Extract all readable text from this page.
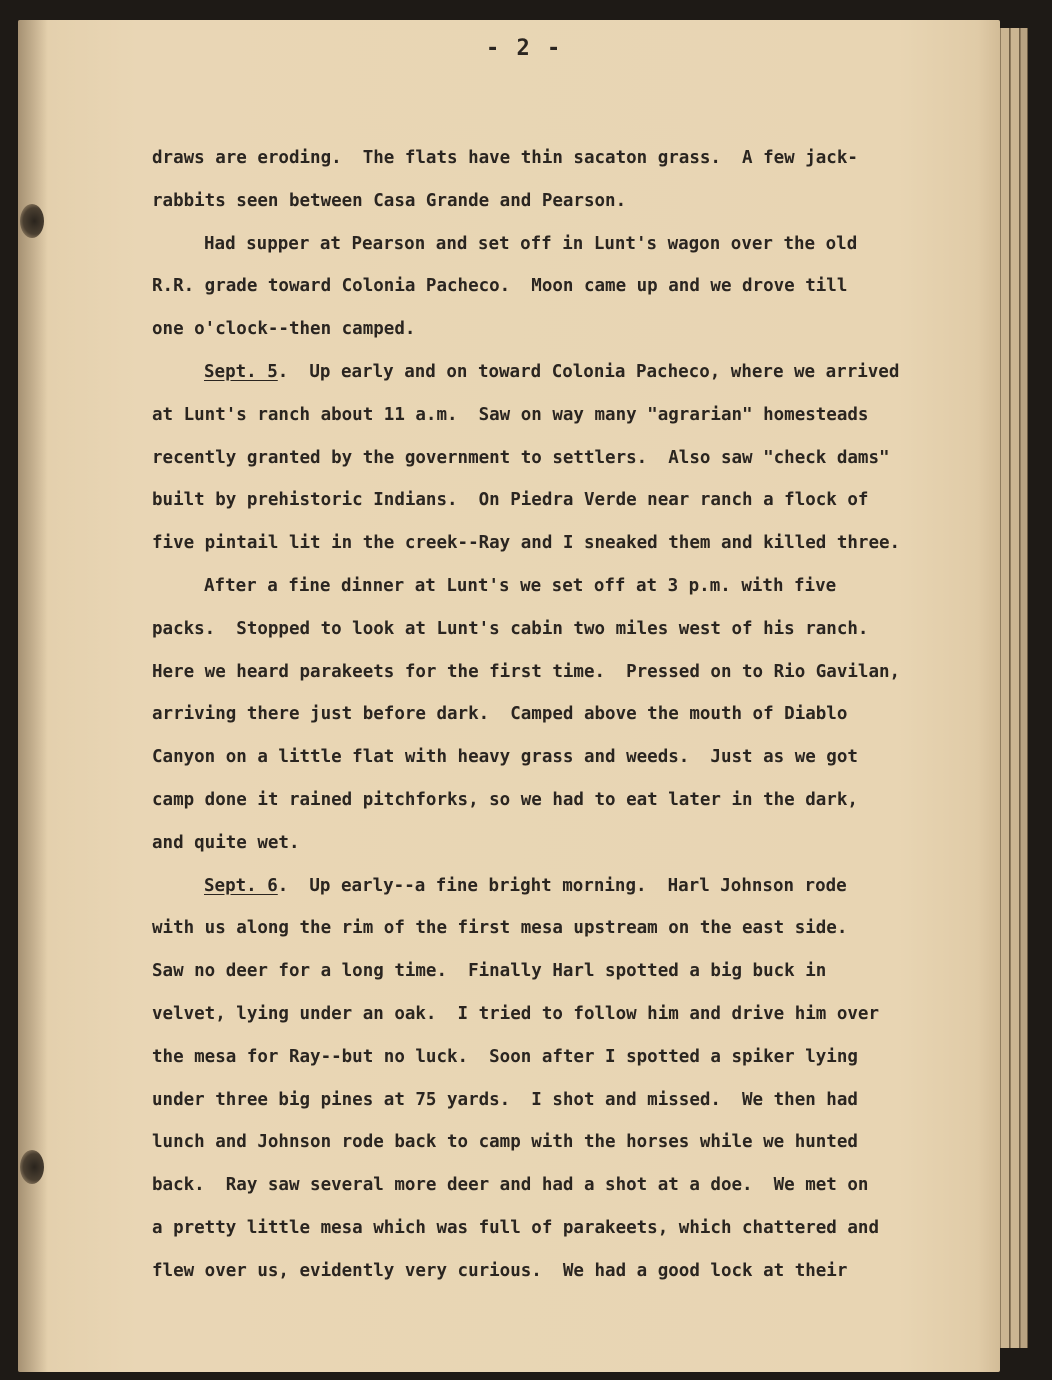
- 2 -
draws are eroding.  The flats have thin sacaton grass.  A few jack-
rabbits seen between Casa Grande and Pearson.
Had supper at Pearson and set off in Lunt's wagon over the old
R.R. grade toward Colonia Pacheco.  Moon came up and we drove till
one o'clock--then camped.
Sept. 5.  Up early and on toward Colonia Pacheco, where we arrived
at Lunt's ranch about 11 a.m.  Saw on way many "agrarian" homesteads
recently granted by the government to settlers.  Also saw "check dams"
built by prehistoric Indians.  On Piedra Verde near ranch a flock of
five pintail lit in the creek--Ray and I sneaked them and killed three.
After a fine dinner at Lunt's we set off at 3 p.m. with five
packs.  Stopped to look at Lunt's cabin two miles west of his ranch.
Here we heard parakeets for the first time.  Pressed on to Rio Gavilan,
arriving there just before dark.  Camped above the mouth of Diablo
Canyon on a little flat with heavy grass and weeds.  Just as we got
camp done it rained pitchforks, so we had to eat later in the dark,
and quite wet.
Sept. 6.  Up early--a fine bright morning.  Harl Johnson rode
with us along the rim of the first mesa upstream on the east side.
Saw no deer for a long time.  Finally Harl spotted a big buck in
velvet, lying under an oak.  I tried to follow him and drive him over
the mesa for Ray--but no luck.  Soon after I spotted a spiker lying
under three big pines at 75 yards.  I shot and missed.  We then had
lunch and Johnson rode back to camp with the horses while we hunted
back.  Ray saw several more deer and had a shot at a doe.  We met on
a pretty little mesa which was full of parakeets, which chattered and
flew over us, evidently very curious.  We had a good lock at their
